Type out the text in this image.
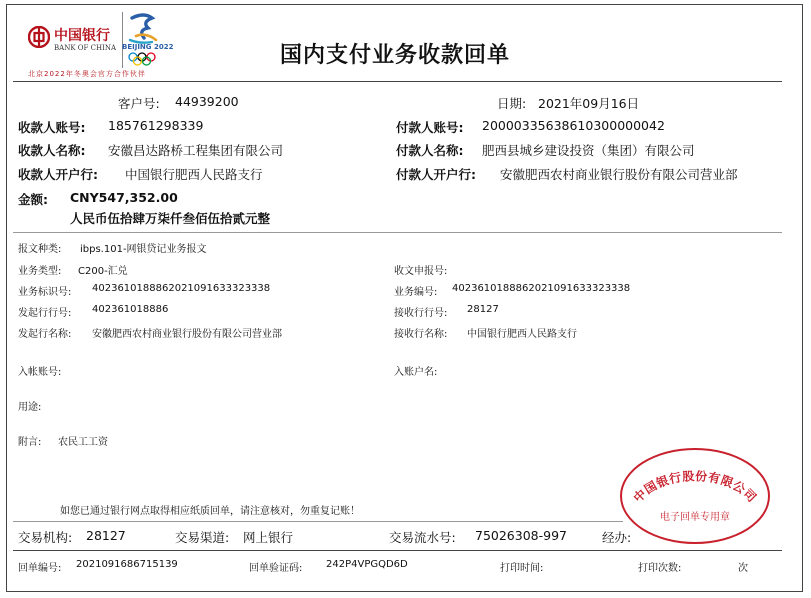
中国银行
BANK OF CHINA BEIJING 2022
北京2022年冬奥会官方合作伙伴
国内支付业务收款回单
客户号: 44939200	日期: 2021年09月16日
收款人账号: 185761298339	付款人账号: 20000335638610300000042
收款人名称: 安徽昌达路桥工程集团有限公司	付款人名称: 肥西县城乡建设投资（集团）有限公司
收款人开户行: 中国银行肥西人民路支行	付款人开户行: 安徽肥西农村商业银行股份有限公司营业部
金额: CNY547,352.00
人民币伍拾肆万柒仟叁佰伍拾贰元整
报文种类: ibps.101-网银贷记业务报文
业务类型: C200-汇兑	收文申报号:
业务标识号: 4023610188862021091633323338	业务编号: 4023610188862021091633323338
发起行行号: 402361018886	接收行行号: 28127
发起行名称: 安徽肥西农村商业银行股份有限公司营业部	接收行名称: 中国银行肥西人民路支行
入帐账号:	入账户名:
用途:
附言: 农民工工资
如您已通过银行网点取得相应纸质回单，请注意核对，勿重复记账！
中国银行股份有限公司
电子回单专用章
交易机构: 28127	交易渠道: 网上银行	交易流水号: 75026308-997	经办:
回单编号: 2021091686715139	回单验证码: 242P4VPGQD6D	打印时间:	打印次数:	次
